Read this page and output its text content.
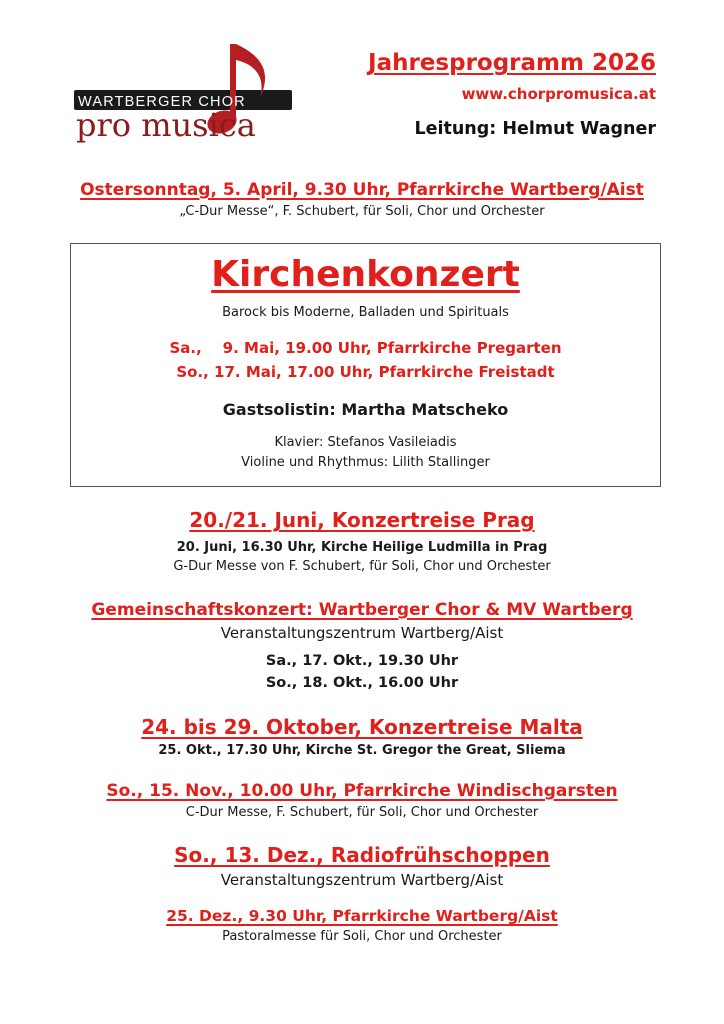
WARTBERGER CHOR
pro musica
Jahresprogramm 2026
www.chorpromusica.at
Leitung: Helmut Wagner
Ostersonntag, 5. April, 9.30 Uhr, Pfarrkirche Wartberg/Aist
„C-Dur Messe“, F. Schubert, für Soli, Chor und Orchester
Kirchenkonzert
Barock bis Moderne, Balladen und Spirituals
Sa.,    9. Mai, 19.00 Uhr, Pfarrkirche Pregarten
So., 17. Mai, 17.00 Uhr, Pfarrkirche Freistadt
Gastsolistin: Martha Matscheko
Klavier: Stefanos Vasileiadis
Violine und Rhythmus: Lilith Stallinger
20./21. Juni, Konzertreise Prag
20. Juni, 16.30 Uhr, Kirche Heilige Ludmilla in Prag
G-Dur Messe von F. Schubert, für Soli, Chor und Orchester
Gemeinschaftskonzert: Wartberger Chor & MV Wartberg
Veranstaltungszentrum Wartberg/Aist
Sa., 17. Okt., 19.30 Uhr
So., 18. Okt., 16.00 Uhr
24. bis 29. Oktober, Konzertreise Malta
25. Okt., 17.30 Uhr, Kirche St. Gregor the Great, Sliema
So., 15. Nov., 10.00 Uhr, Pfarrkirche Windischgarsten
C-Dur Messe, F. Schubert, für Soli, Chor und Orchester
So., 13. Dez., Radiofrühschoppen
Veranstaltungszentrum Wartberg/Aist
25. Dez., 9.30 Uhr, Pfarrkirche Wartberg/Aist
Pastoralmesse für Soli, Chor und Orchester
